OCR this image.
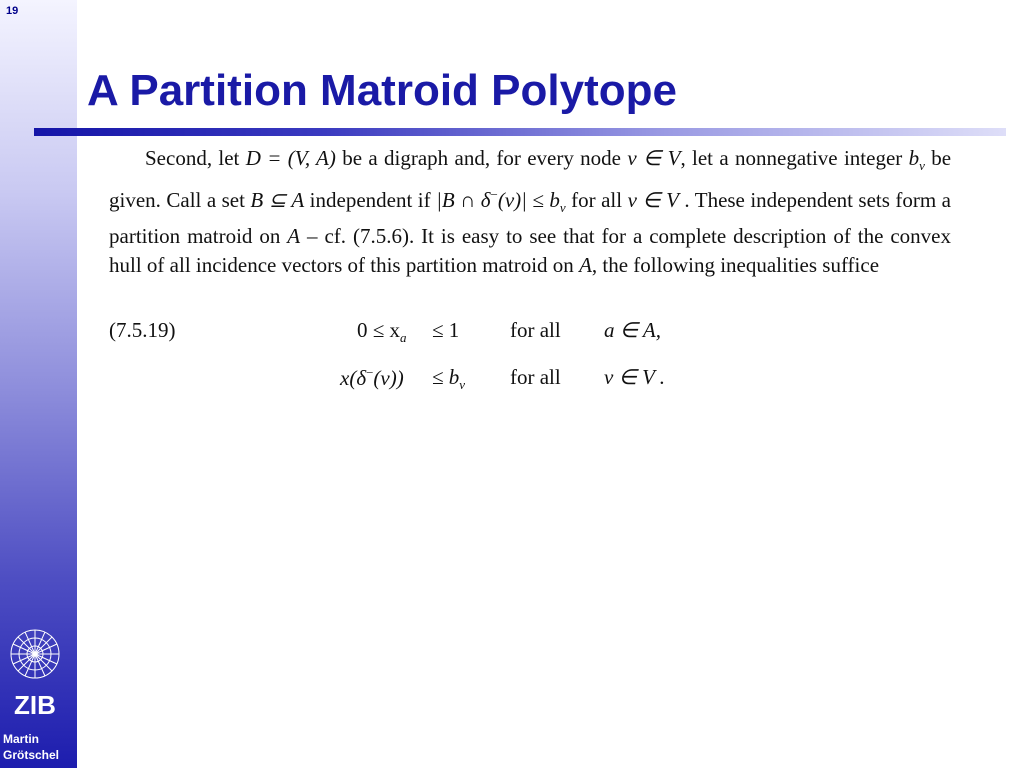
19
ZIB
Martin
Grötschel
A Partition Matroid Polytope

Second, let D = (V, A) be a digraph and, for every node v ∈ V, let a nonnegative integer $b_v$ be given. Call a set B ⊆ A independent if |B ∩ $\delta^-(v)| \le b_v$ for all v ∈ V . These independent sets form a partition matroid on A – cf. (7.5.6). It is easy to see that for a complete description of the convex hull of all incidence vectors of this partition matroid on A, the following inequalities suffice

(7.5.19)	$0 \le x_a \le 1$ for all a ∈ A,
$x(\delta^-(v)) \le b_v$ for all v ∈ V .
